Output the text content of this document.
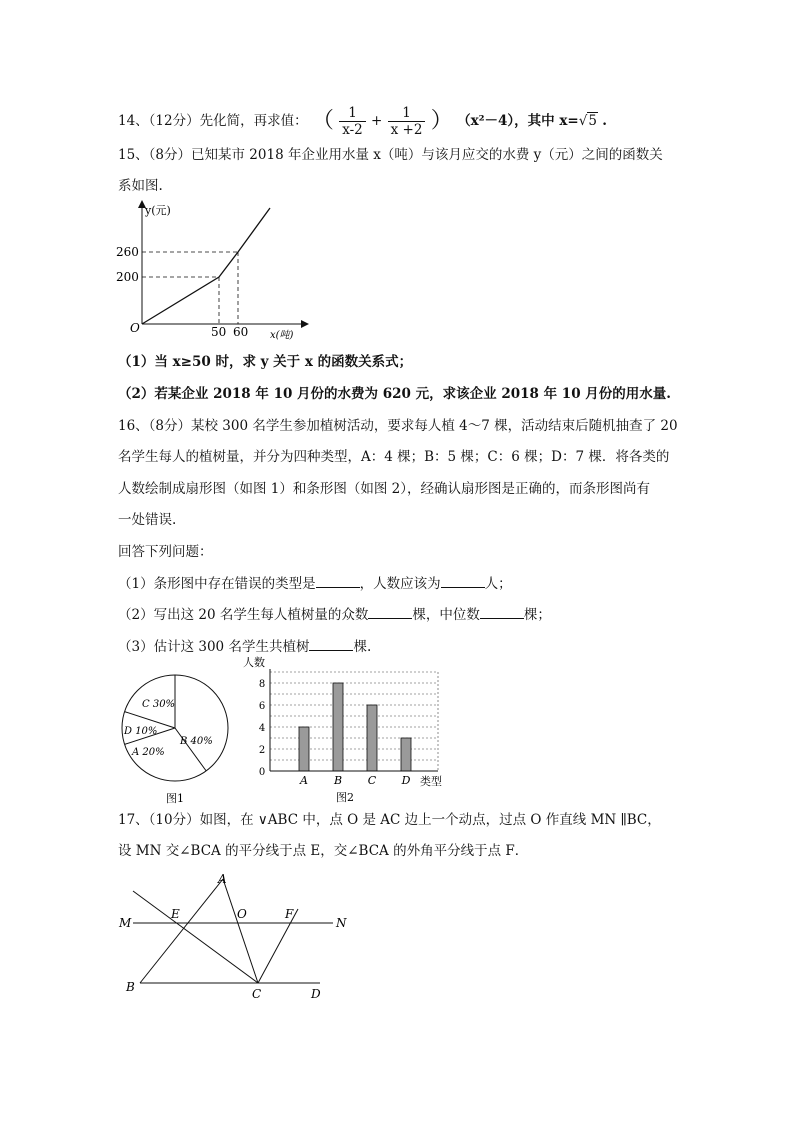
14、（12分）先化简，再求值： （ $\frac{1}{x-2} + \frac{1}{x +2}$ ） （x²－4），其中 x=√5 .
15、（8分）已知某市 2018 年企业用水量 x（吨）与该月应交的水费 y（元）之间的函数关
系如图.
y(元)
260
200
O	50 60 x(吨)
（1）当 x≥50 时，求 y 关于 x 的函数关系式；
（2）若某企业 2018 年 10 月份的水费为 620 元，求该企业 2018 年 10 月份的用水量.
16、（8分）某校 300 名学生参加植树活动，要求每人植 4～7 棵，活动结束后随机抽查了 20
名学生每人的植树量，并分为四种类型，A：4 棵；B：5 棵；C：6 棵；D：7 棵．将各类的
人数绘制成扇形图（如图 1）和条形图（如图 2），经确认扇形图是正确的，而条形图尚有
一处错误.
回答下列问题：
（1）条形图中存在错误的类型是	，人数应该为	人；
（2）写出这 20 名学生每人植树量的众数	棵，中位数	棵；
（3）估计这 300 名学生共植树	棵.
C 30%
D 10%
A 20%
B 40%
图1
人数
0
2
4
6
8
A B C D 类型
图2
17、（10分）如图，在 ∨ABC 中，点 O 是 AC 边上一个动点，过点 O 作直线 MN ∥BC，
设 MN 交∠BCA 的平分线于点 E，交∠BCA 的外角平分线于点 F．
A
M
E	O	F
N
B	C	D
